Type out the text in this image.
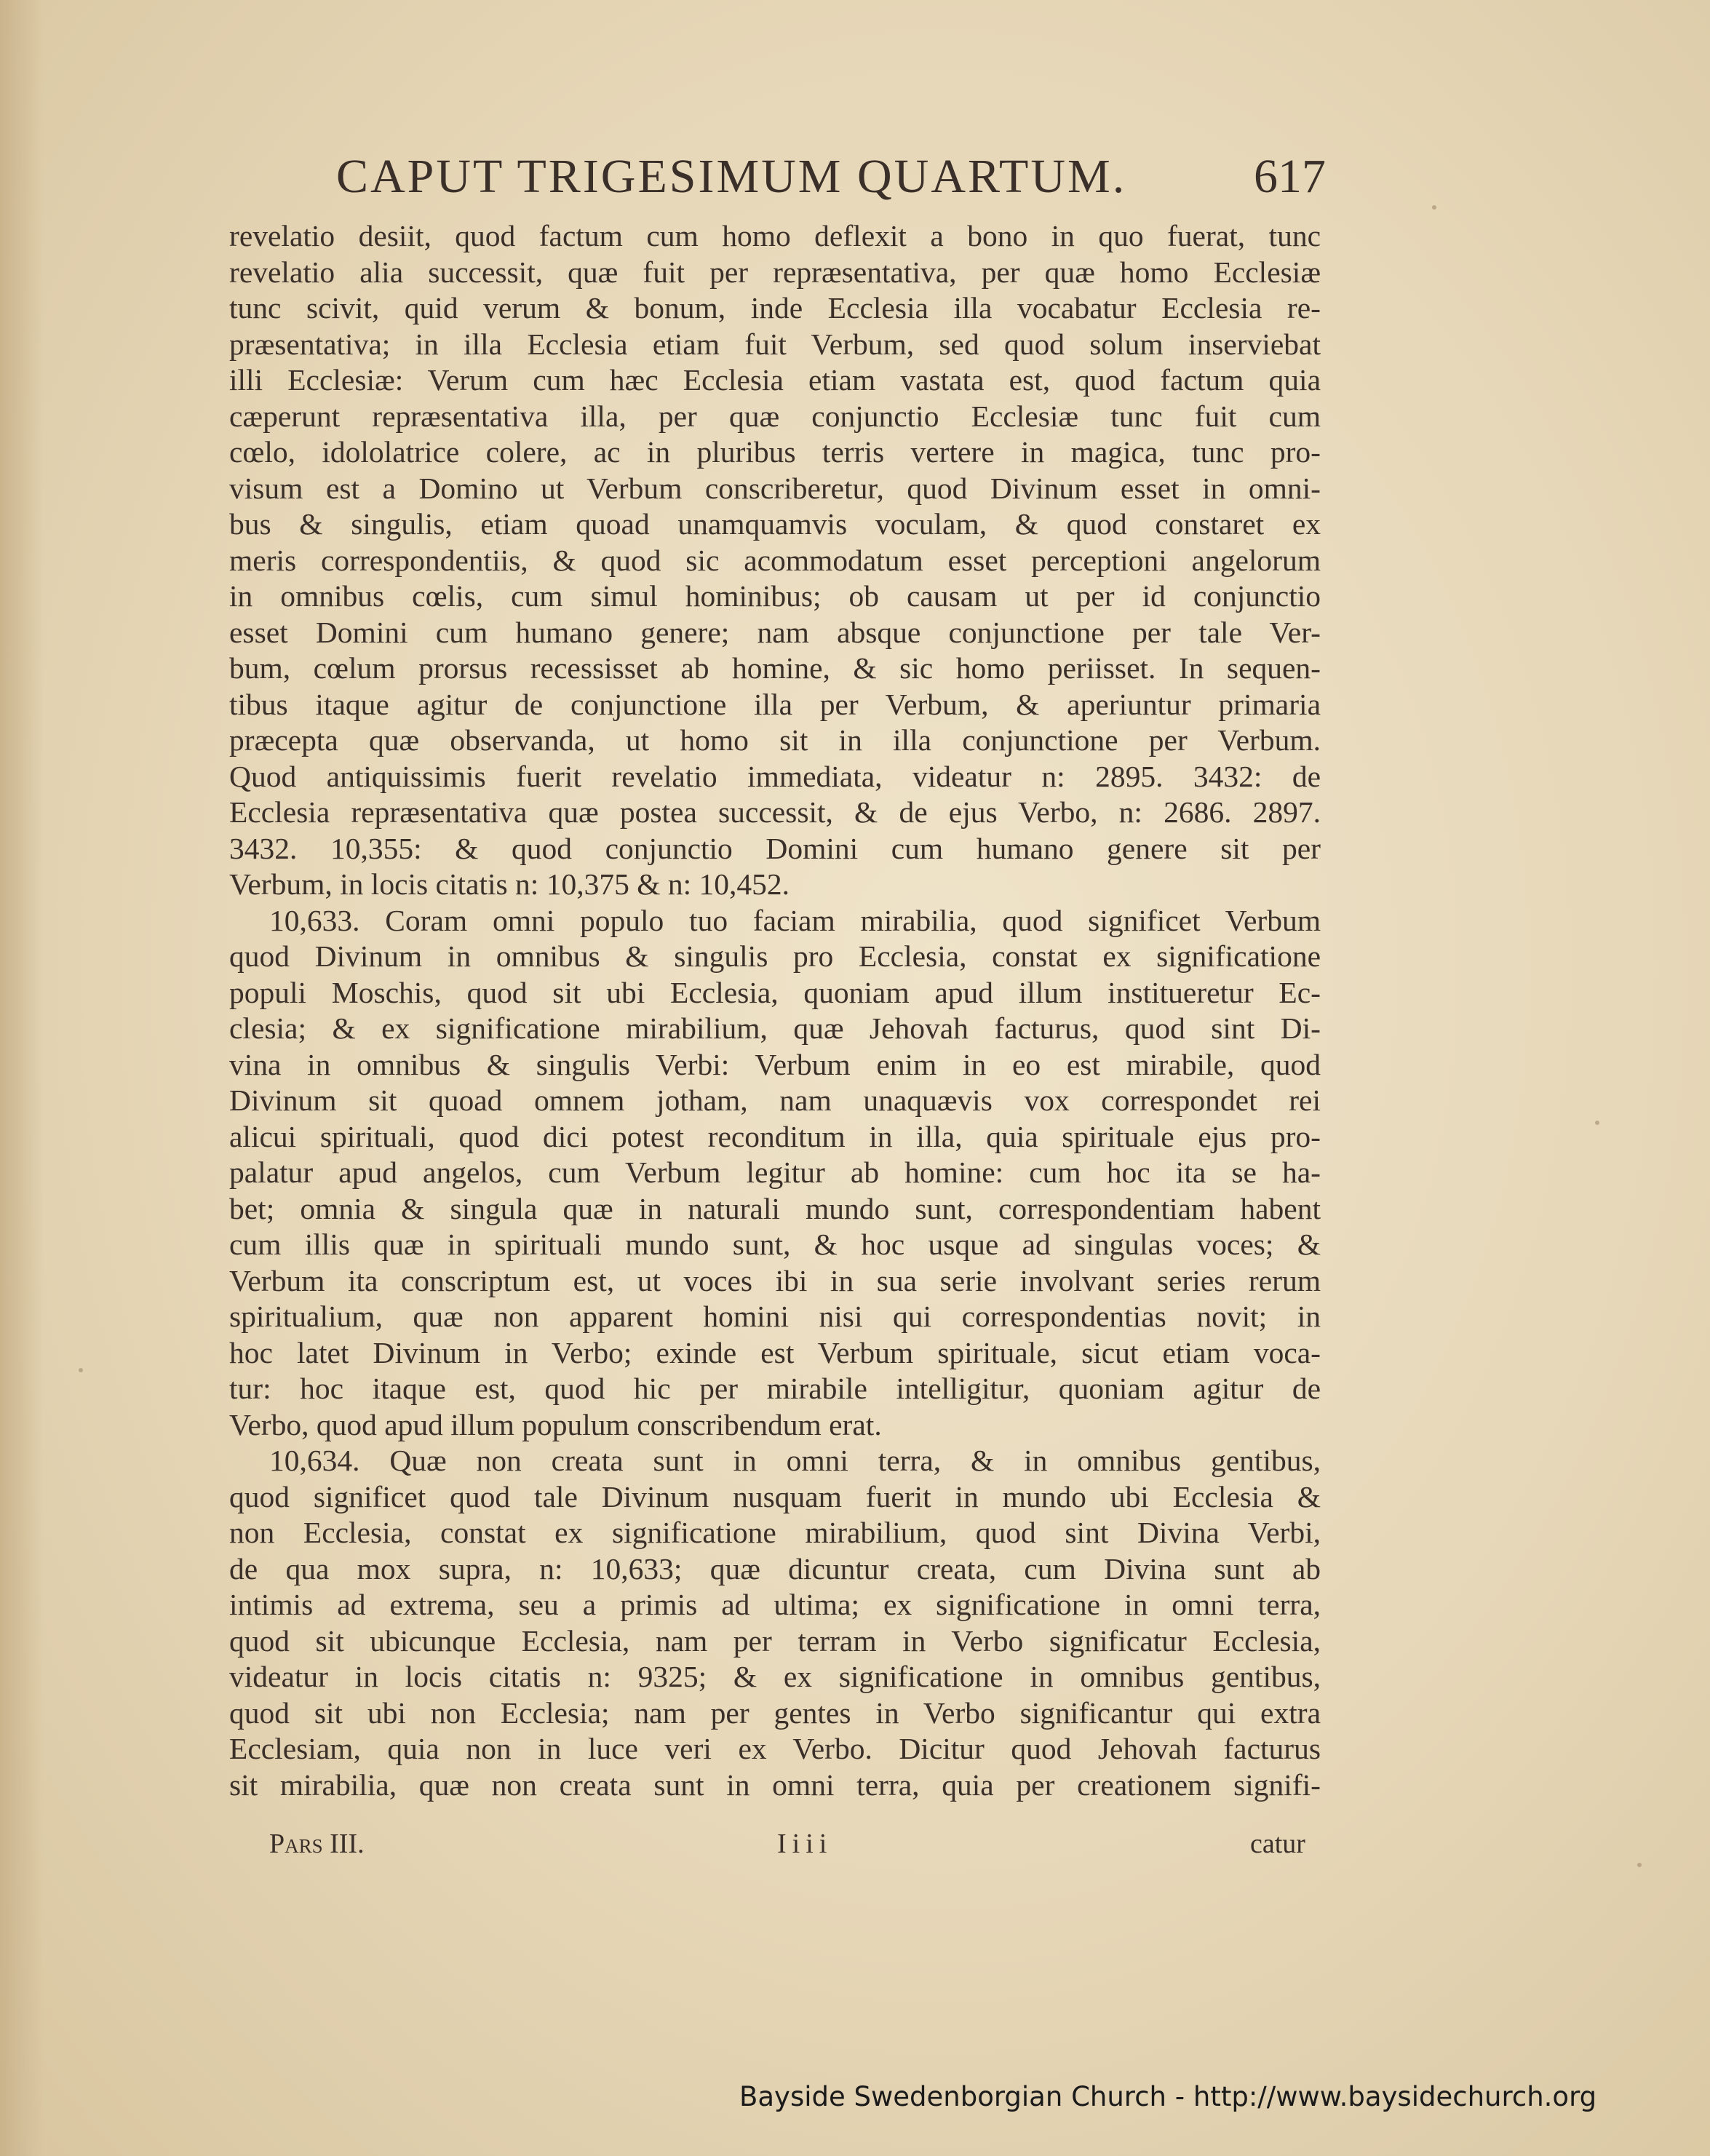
CAPUT TRIGESIMUM QUARTUM.	617
revelatio desiit, quod factum cum homo deflexit a bono in quo fuerat, tunc
revelatio alia successit, quæ fuit per repræsentativa, per quæ homo Ecclesiæ
tunc scivit, quid verum & bonum, inde Ecclesia illa vocabatur Ecclesia re-
præsentativa; in illa Ecclesia etiam fuit Verbum, sed quod solum inserviebat
illi Ecclesiæ: Verum cum hæc Ecclesia etiam vastata est, quod factum quia
cæperunt repræsentativa illa, per quæ conjunctio Ecclesiæ tunc fuit cum
cœlo, idololatrice colere, ac in pluribus terris vertere in magica, tunc pro-
visum est a Domino ut Verbum conscriberetur, quod Divinum esset in omni-
bus & singulis, etiam quoad unamquamvis voculam, & quod constaret ex
meris correspondentiis, & quod sic acommodatum esset perceptioni angelorum
in omnibus cœlis, cum simul hominibus; ob causam ut per id conjunctio
esset Domini cum humano genere; nam absque conjunctione per tale Ver-
bum, cœlum prorsus recessisset ab homine, & sic homo periisset. In sequen-
tibus itaque agitur de conjunctione illa per Verbum, & aperiuntur primaria
præcepta quæ observanda, ut homo sit in illa conjunctione per Verbum.
Quod antiquissimis fuerit revelatio immediata, videatur n: 2895. 3432: de
Ecclesia repræsentativa quæ postea successit, & de ejus Verbo, n: 2686. 2897.
3432. 10,355: & quod conjunctio Domini cum humano genere sit per
Verbum, in locis citatis n: 10,375 & n: 10,452.
10,633. Coram omni populo tuo faciam mirabilia, quod significet Verbum
quod Divinum in omnibus & singulis pro Ecclesia, constat ex significatione
populi Moschis, quod sit ubi Ecclesia, quoniam apud illum institueretur Ec-
clesia; & ex significatione mirabilium, quæ Jehovah facturus, quod sint Di-
vina in omnibus & singulis Verbi: Verbum enim in eo est mirabile, quod
Divinum sit quoad omnem jotham, nam unaquævis vox correspondet rei
alicui spirituali, quod dici potest reconditum in illa, quia spirituale ejus pro-
palatur apud angelos, cum Verbum legitur ab homine: cum hoc ita se ha-
bet; omnia & singula quæ in naturali mundo sunt, correspondentiam habent
cum illis quæ in spirituali mundo sunt, & hoc usque ad singulas voces; &
Verbum ita conscriptum est, ut voces ibi in sua serie involvant series rerum
spiritualium, quæ non apparent homini nisi qui correspondentias novit; in
hoc latet Divinum in Verbo; exinde est Verbum spirituale, sicut etiam voca-
tur: hoc itaque est, quod hic per mirabile intelligitur, quoniam agitur de
Verbo, quod apud illum populum conscribendum erat.
10,634. Quæ non creata sunt in omni terra, & in omnibus gentibus,
quod significet quod tale Divinum nusquam fuerit in mundo ubi Ecclesia &
non Ecclesia, constat ex significatione mirabilium, quod sint Divina Verbi,
de qua mox supra, n: 10,633; quæ dicuntur creata, cum Divina sunt ab
intimis ad extrema, seu a primis ad ultima; ex significatione in omni terra,
quod sit ubicunque Ecclesia, nam per terram in Verbo significatur Ecclesia,
videatur in locis citatis n: 9325; & ex significatione in omnibus gentibus,
quod sit ubi non Ecclesia; nam per gentes in Verbo significantur qui extra
Ecclesiam, quia non in luce veri ex Verbo. Dicitur quod Jehovah facturus
sit mirabilia, quæ non creata sunt in omni terra, quia per creationem signifi-
Pars III.	Iiii	catur
Bayside Swedenborgian Church - http://www.baysidechurch.org
